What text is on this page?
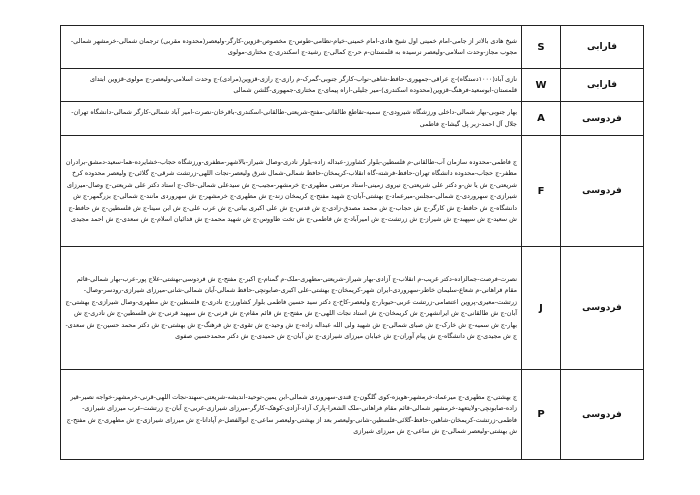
شیخ هادی بالاتر از جامی-امام خمینی اول شیخ هادی-امام خمینی-خیام-نظامی-طوس-ج مخصوص-قزوین-کارگر-ولیعصر(محدوده مقربی) ترجمان شمالی-خرمشهر شمالی-مجوب مجاز-وحدت اسلامی-ولیعصر نرسیده به قلمستان-م حر-ج کمالی-ج رشید-ج اسکندری-ج مختاری-مولوی	S	فارابی
نازی آباد(۱۰۰۰دستگاه)-ج عراقی-جمهوری-حافظ-شاهی-نواب-کارگر جنوبی-گمرک-م رازی-ج رازی-قزوین(مرادی)-ج وحدت اسلامی-ولیعصر-ج مولوی-قزوین ابتدای قلمستان-ابوسعید-فرهنگ-قزوین(محدوده اسکندری)-میر جلیلی-اراه پیمای-ج مختاری-جمهوری-گلشن شمالی	W	فارابی
بهار جنوبی-بهار شمالی-داخلی ورزشگاه شیرودی-ج سمیه-تقاطع طالقانی-مفتح-شریعتی-طالقانی-اسکندری-باقرخان-نصرت-امیر آباد شمالی-کارگر شمالی-دانشگاه تهران-جلال آل احمد-زبر پل گیشا-ج فاطمی	A	فردوسی
ج فاطمی-محدوده سازمان آب-طالقانی-م فلسطین-بلوار کشاورز-عبداله زاده-بلوار نادری-وصال شیراز-بالاشهر-مظفری-ورزشگاه حجاب-خشایرده-هما-سعید-دمشق-برادران مظفر-ج حجاب-محدوده دانشگاه تهران-حافظ-فرشته-گاه انقلاب-کریمخان-حافظ شمالی-شمال شرق ولیعصر-نجات اللهی-زرتشت شرقی-ج گلائی-ج ولیعصر محدوده کرخ شریعتی-ج ش یا ش-و دکتر علی شریعتی-ج نیروی زمینی-استاد مرتضی مطهری-ج خرمشهر-مجیب-ج ش سیدعلی شمالی-خاک-ج استاد دکتر علی شریعتی-ج وصال-میرزای شیرازی-ج سهروردی-ج شمالی-مجلس-میرعماد-ج بهشتی-آبان-ج شهید مفتح-ج کریمخان زند-ج ش مطهری-ج خرمشهر-ج ش سهروردی مانند-ج شمالی-ج بزرگمهر-ج ش دانشگاه-ج ش حافظ-ج ش کارگر-ج ش حجاب-ج ش محمد مصدق-زادی-ج ش قدس-ج ش علی اکبری بیاتی-ج ش عرب علی-ج ش ابن سینا-ج ش فلسطین-ج ش حافظ-ج ش سعید-ج ش سپهبد-ج ش شیراز-ج ش زرتشت-ج ش امیرآباد-ج ش فاطمی-ج ش تخت طاووس-ج ش شهید محمد-ج ش فدائیان اسلام-ج ش سعدی-ج ش احمد مجیدی	F	فردوسی
نصرت-فرصت-جمالزاده-دکتر غریب-م انقلاب-ج آزادی-بهار شیراز-شریعتی-مطهری-ملک-م گمنام-ج اکبر-ج مفتح-ج ش فردوسی-بهشتی-علاج پور-عرب-بهار شمالی-قائم مقام فراهانی-م شعاع-سلیمان خاطر-سهروردی-ایران شهر-کریمخان-ج بهشتی-علی اکبری-صابونچی-حافظ شمالی-آبان شمالی-شانی-میرزای شیرازی-رودسر-وصال-زرتشت-معیری-پروین اعتصامی-زرتشت غربی-حیوبار-ج ولیعصر-کاخ-ج دکتر سید حسین فاطمی بلوار کشاورز-ج نادری-ج فلسطین-ج ش مطهری-وصال شیرازی-ج بهشتی-ج آبان-ج ش طالقانی-ج ش ایرانشهر-ج ش کریمخان-ج ش استاد نجات اللهی-ج ش مفتح-ج ش قائم مقام-ج ش قرنی-ج ش سپهبد قرنی-ج ش فلسطین-ج ش نادری-ج ش بهار-ج ش سمیه-ج ش خارک-ج ش صبای شمالی-ج ش شهید ولی الله عبداله زاده-ج ش وحید-ج ش تقوی-ج ش فرهنگ-ج ش بهشتی-ج ش دکتر محمد حسین-ج ش سعدی-ج ش مجیدی-ج ش دانشگاه-ج ش پیام آوران-ج ش خیابان میرزای شیرازی-ج ش آبان-ج ش حمیدی-ج ش دکتر محمدحسین صفوی	J	فردوسی
ج بهشتی-ج مطهری-ج میرعماد-خرمشهر-هویزه-کوی گلگون-ج قندی-سهروردی شمالی-ابن یمین-توحید-اندیشه-شریعتی-سهند-نجات اللهی-قرنی-خرمشهر-خواجه نصیر-قیر زاده-صابونچی-ولایتعهد-خرمشهر شمالی-قائم مقام فراهانی-ملک الشعرا-پارک آزاد-آزادی-کوهک-کارگر-میرزای شیرازی-غربی-ج آبان-ج زرتشت-غرب میرزای شیرازی-فاطمی-زرتشت-کریمخان-شاهین-حافظ-گلائی-فلسطین-شانی-ولیعصر بعد از بهشتی-ولیعصر ساعی-ج ابوالفضل-م آپادانا-ج ش میرزای شیرازی-ج ش مطهری-ج ش مفتح-ج ش بهشتی-ولیعصر شمالی-ج ش ساعی-ج ش میرزای شیرازی	P	فردوسی
